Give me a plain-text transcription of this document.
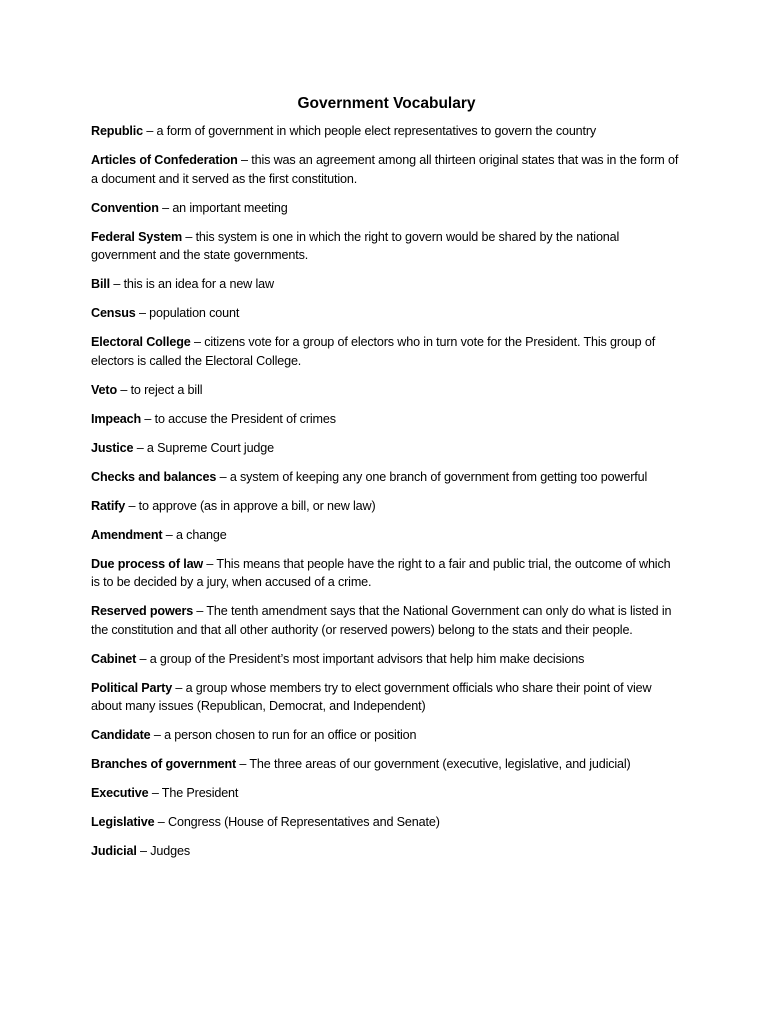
Government Vocabulary
Republic – a form of government in which people elect representatives to govern the country
Articles of Confederation – this was an agreement among all thirteen original states that was in the form of a document and it served as the first constitution.
Convention – an important meeting
Federal System – this system is one in which the right to govern would be shared by the national government and the state governments.
Bill – this is an idea for a new law
Census – population count
Electoral College – citizens vote for a group of electors who in turn vote for the President. This group of electors is called the Electoral College.
Veto – to reject a bill
Impeach – to accuse the President of crimes
Justice – a Supreme Court judge
Checks and balances – a system of keeping any one branch of government from getting too powerful
Ratify – to approve (as in approve a bill, or new law)
Amendment – a change
Due process of law – This means that people have the right to a fair and public trial, the outcome of which is to be decided by a jury, when accused of a crime.
Reserved powers – The tenth amendment says that the National Government can only do what is listed in the constitution and that all other authority (or reserved powers) belong to the stats and their people.
Cabinet – a group of the President’s most important advisors that help him make decisions
Political Party – a group whose members try to elect government officials who share their point of view about many issues (Republican, Democrat, and Independent)
Candidate – a person chosen to run for an office or position
Branches of government – The three areas of our government (executive, legislative, and judicial)
Executive – The President
Legislative – Congress (House of Representatives and Senate)
Judicial – Judges
